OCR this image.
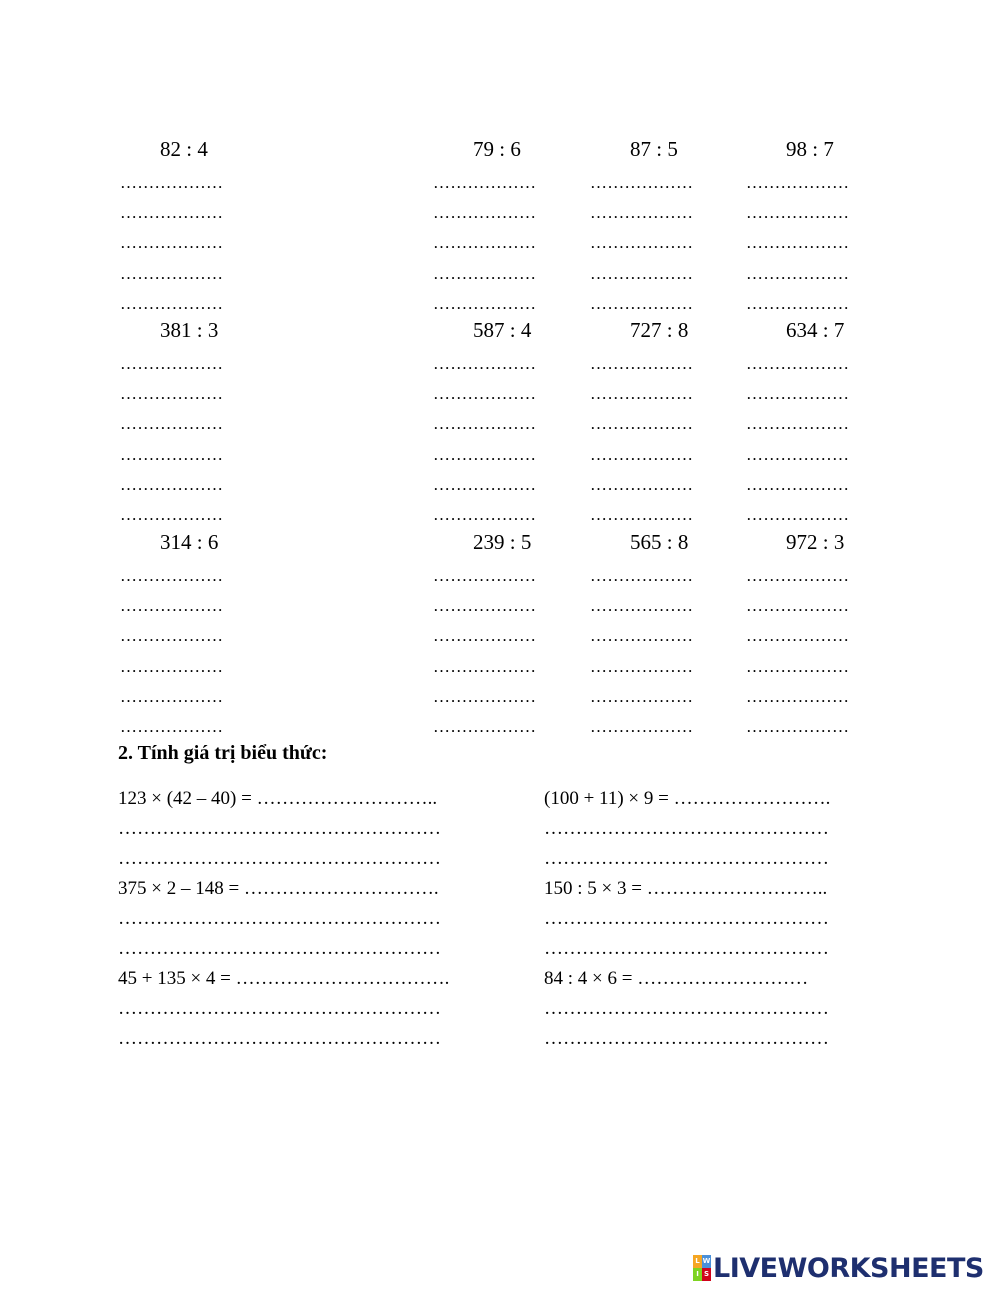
82 : 4
………………
………………
………………
………………
………………
79 : 6
………………
………………
………………
………………
………………
87 : 5
………………
………………
………………
………………
………………
98 : 7
………………
………………
………………
………………
………………
381 : 3
………………
………………
………………
………………
………………
………………
587 : 4
………………
………………
………………
………………
………………
………………
727 : 8
………………
………………
………………
………………
………………
………………
634 : 7
………………
………………
………………
………………
………………
………………
314 : 6
………………
………………
………………
………………
………………
………………
239 : 5
………………
………………
………………
………………
………………
………………
565 : 8
………………
………………
………………
………………
………………
………………
972 : 3
………………
………………
………………
………………
………………
………………
2. Tính giá trị biểu thức:
123 × (42 – 40) = ………………………..
……………………………………………
……………………………………………
375 × 2 – 148 = ………………………….
……………………………………………
……………………………………………
45 + 135 × 4 = …………………………….
……………………………………………
……………………………………………
(100 + 11) × 9 = …………………….
………………………………………
………………………………………
150 : 5 × 3 = ………………………..
………………………………………
………………………………………
84 : 4 × 6 = ………………………
………………………………………
………………………………………
L W
I S LIVEWORKSHEETS
